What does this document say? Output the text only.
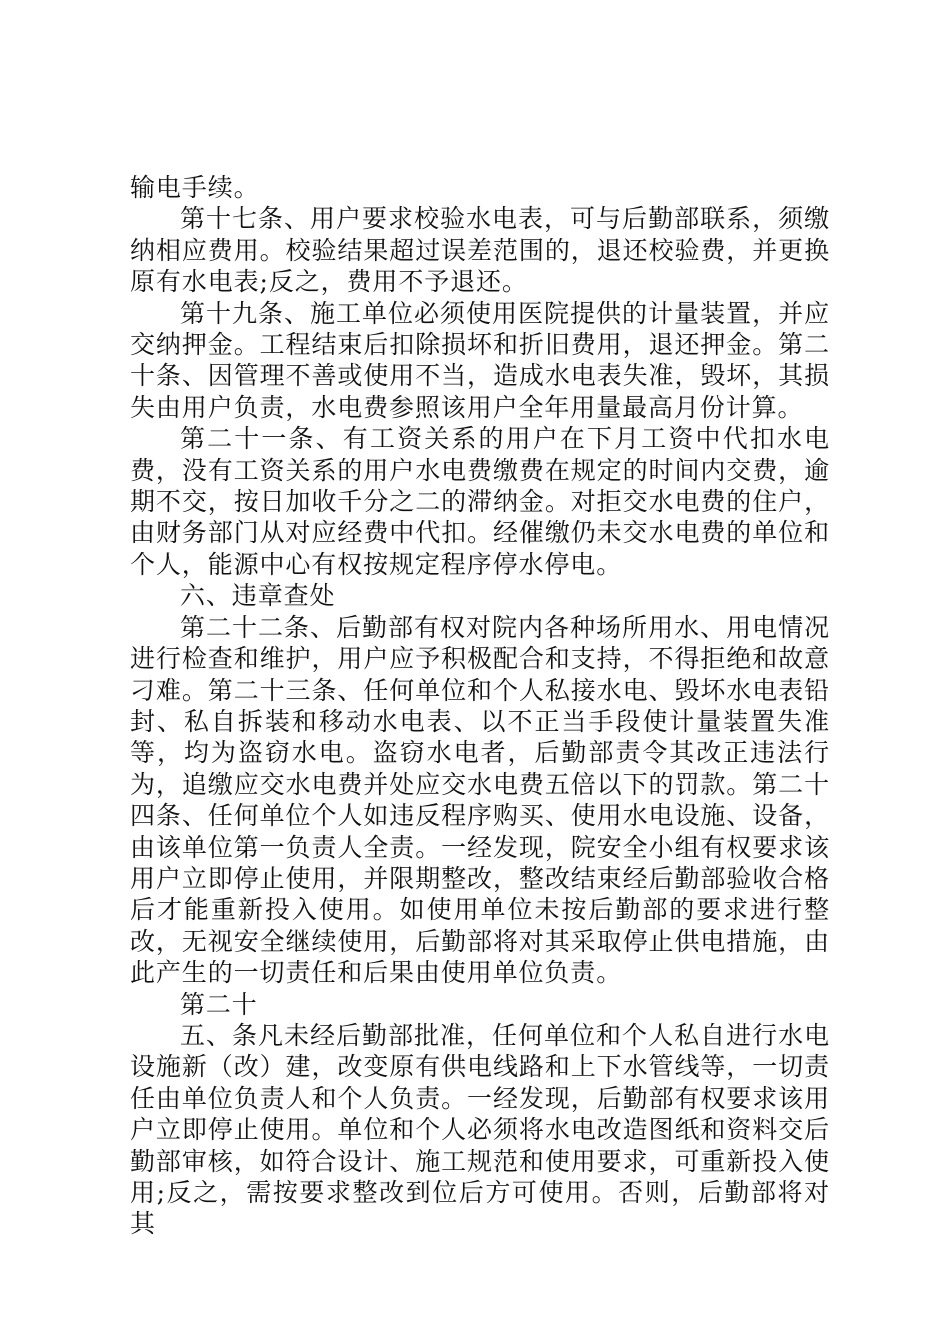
输电手续。

第十七条、用户要求校验水电表，可与后勤部联系，须缴纳相应费用。校验结果超过误差范围的，退还校验费，并更换原有水电表;反之，费用不予退还。

第十九条、施工单位必须使用医院提供的计量装置，并应交纳押金。工程结束后扣除损坏和折旧费用，退还押金。第二十条、因管理不善或使用不当，造成水电表失准，毁坏，其损失由用户负责，水电费参照该用户全年用量最高月份计算。

第二十一条、有工资关系的用户在下月工资中代扣水电费，没有工资关系的用户水电费缴费在规定的时间内交费，逾期不交，按日加收千分之二的滞纳金。对拒交水电费的住户，由财务部门从对应经费中代扣。经催缴仍未交水电费的单位和个人，能源中心有权按规定程序停水停电。

六、违章查处

第二十二条、后勤部有权对院内各种场所用水、用电情况进行检查和维护，用户应予积极配合和支持，不得拒绝和故意刁难。第二十三条、任何单位和个人私接水电、毁坏水电表铅封、私自拆装和移动水电表、以不正当手段使计量装置失准等，均为盗窃水电。盗窃水电者，后勤部责令其改正违法行为，追缴应交水电费并处应交水电费五倍以下的罚款。第二十四条、任何单位个人如违反程序购买、使用水电设施、设备，由该单位第一负责人全责。一经发现，院安全小组有权要求该用户立即停止使用，并限期整改，整改结束经后勤部验收合格后才能重新投入使用。如使用单位未按后勤部的要求进行整改，无视安全继续使用，后勤部将对其采取停止供电措施，由此产生的一切责任和后果由使用单位负责。

第二十

五、条凡未经后勤部批准，任何单位和个人私自进行水电设施新（改）建，改变原有供电线路和上下水管线等，一切责任由单位负责人和个人负责。一经发现，后勤部有权要求该用户立即停止使用。单位和个人必须将水电改造图纸和资料交后勤部审核，如符合设计、施工规范和使用要求，可重新投入使用;反之，需按要求整改到位后方可使用。否则，后勤部将对其
